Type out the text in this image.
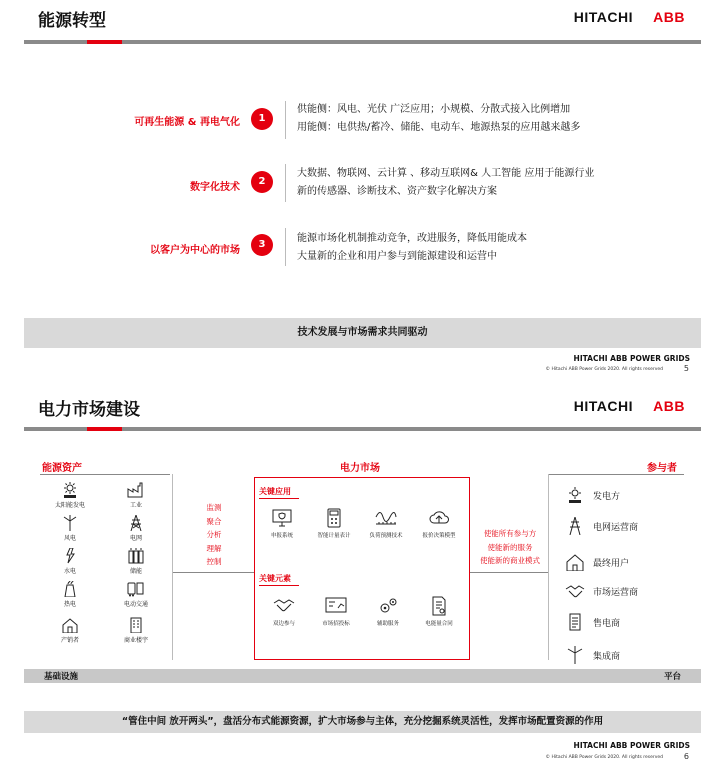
能源转型	HITACHI ABB
可再生能源 & 再电气化	1
供能侧：风电、光伏 广泛应用；小规模、分散式接入比例增加
用能侧：电供热/蓄冷、储能、电动车、地源热泵的应用越来越多
数字化技术
2
大数据、物联网、云计算 、移动互联网& 人工智能 应用于能源行业
新的传感器、诊断技术、资产数字化解决方案
以客户为中心的市场
3
能源市场化机制推动竞争，改进服务，降低用能成本
大量新的企业和用户参与到能源建设和运营中
技术发展与市场需求共同驱动
HITACHI ABB POWER GRIDS
© Hitachi ABB Power Grids 2020. All rights reserved	5
电力市场建设	HITACHI ABB
能源资产	电力市场	参与者
太阳能发电	工业
风电	电网
水电	储能
热电	电动交通
产销者	商业楼宇
监测
聚合
分析
理解
控制
关键应用
申报系统	智能计量表计	负荷预测技术	报价决策模型
关键元素
双边参与	市场招投标	辅助服务	电能量合同
使能所有参与方
使能新的服务
使能新的商业模式
发电方
电网运营商
最终用户
市场运营商
售电商
集成商
基础设施	平台
“管住中间 放开两头”，盘活分布式能源资源，扩大市场参与主体，充分挖掘系统灵活性，发挥市场配置资源的作用
HITACHI ABB POWER GRIDS
© Hitachi ABB Power Grids 2020. All rights reserved	6
